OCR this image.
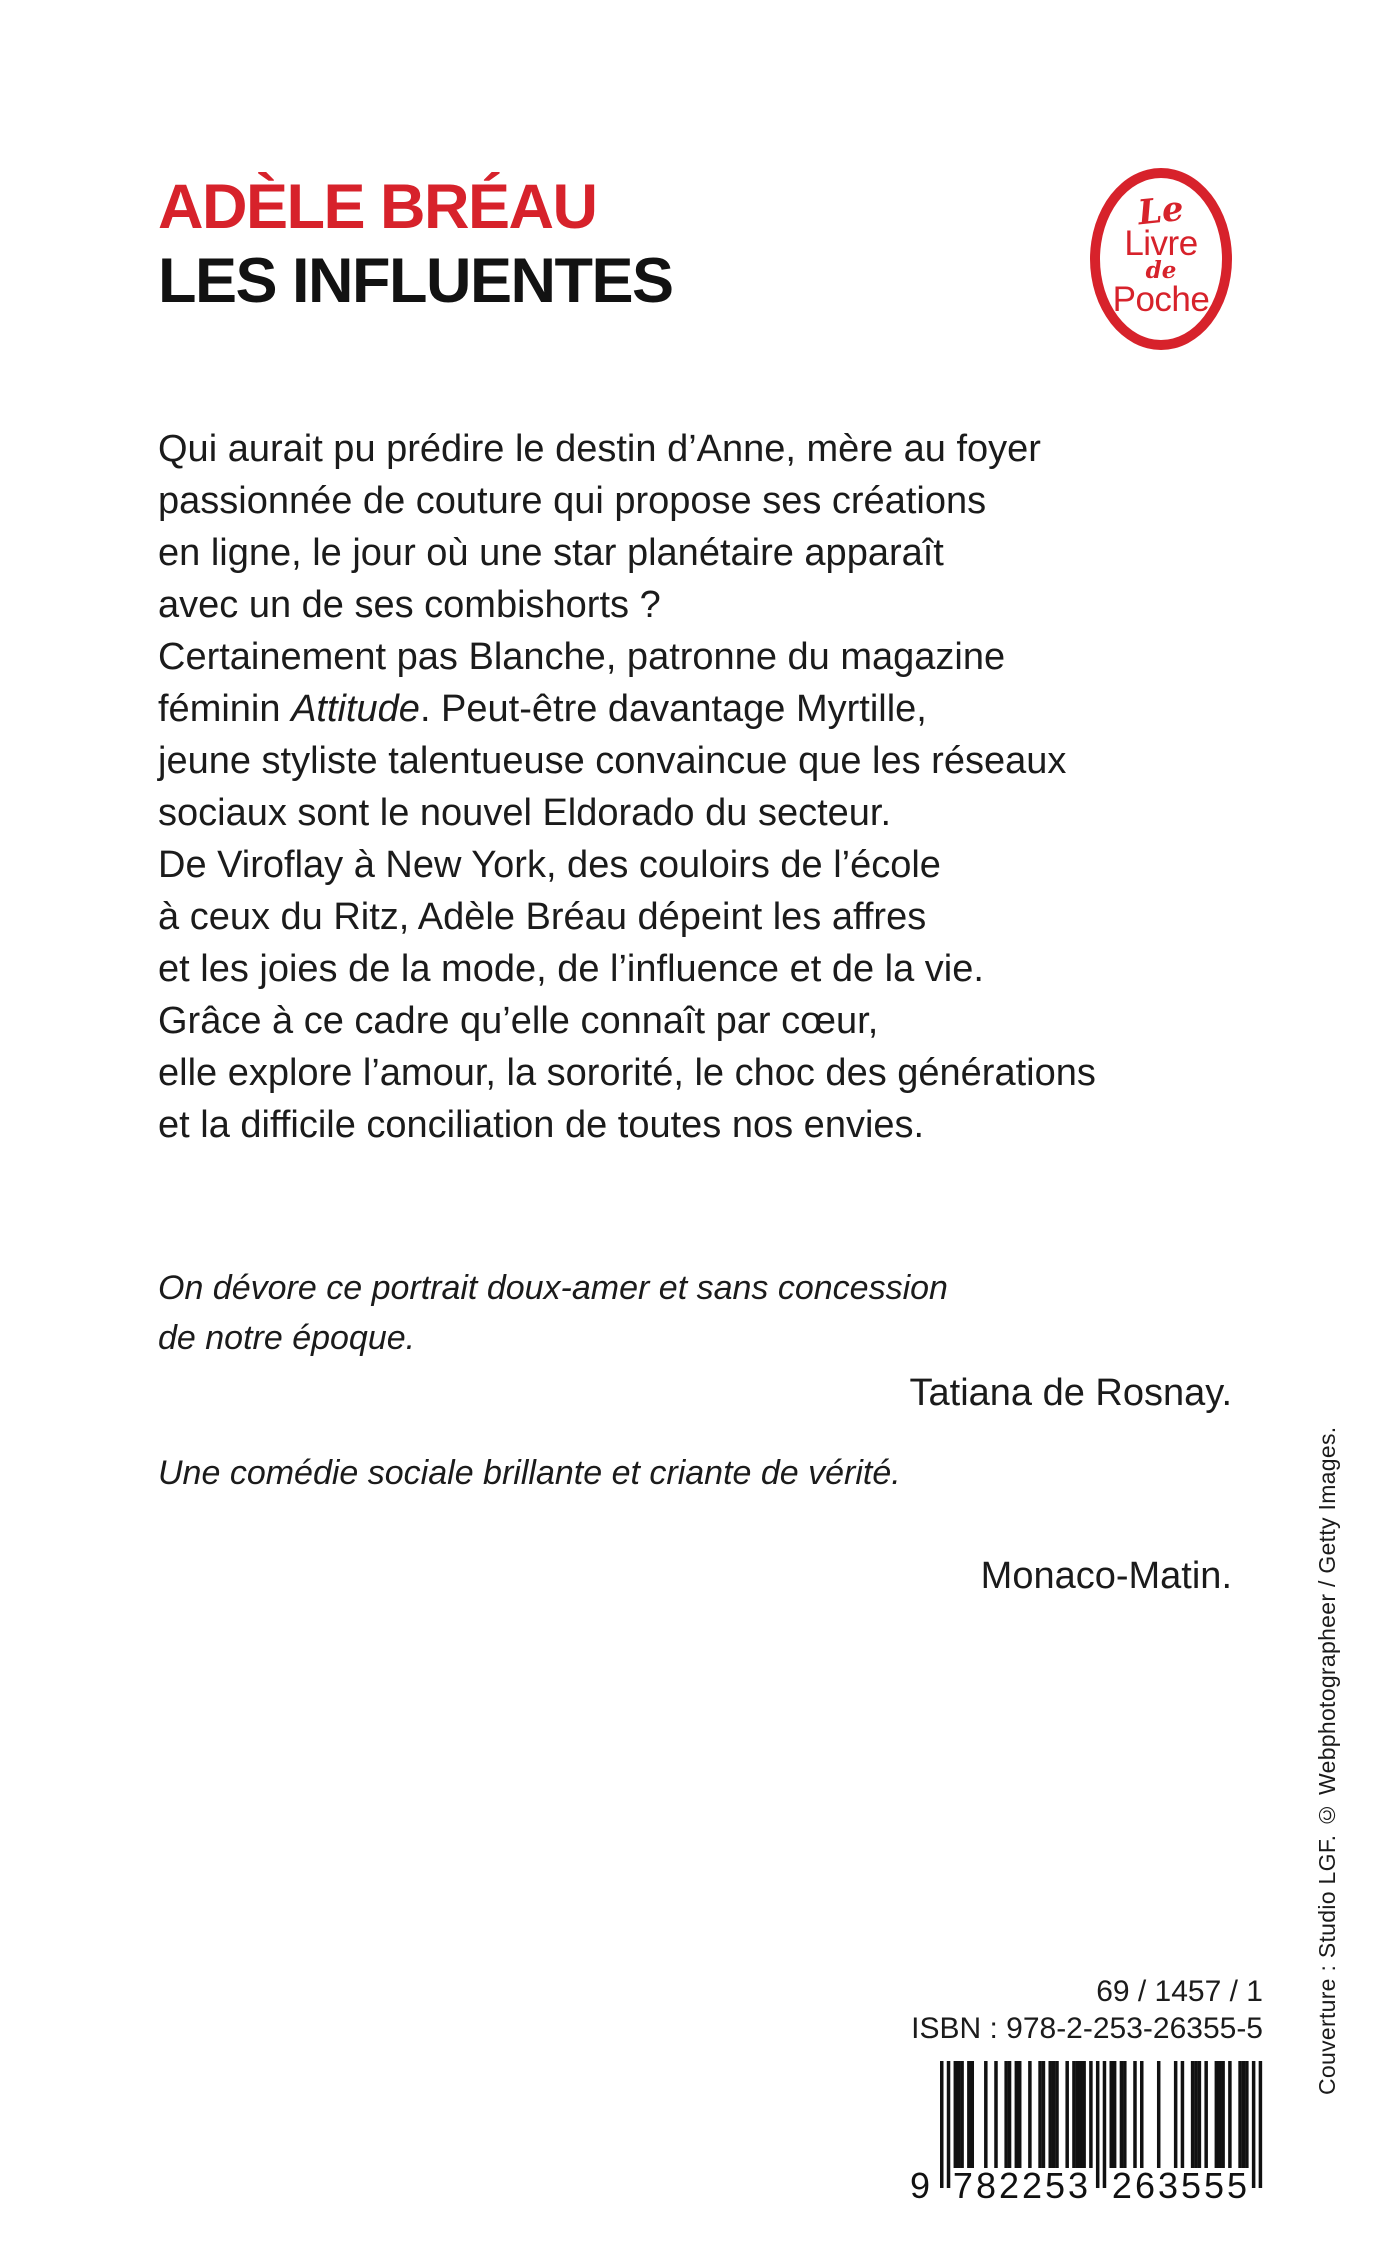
ADÈLE BRÉAU
LES INFLUENTES
Le
Livre
de
Poche
Qui aurait pu prédire le destin d’Anne, mère au foyer
passionnée de couture qui propose ses créations
en ligne, le jour où une star planétaire apparaît
avec un de ses combishorts ?
Certainement pas Blanche, patronne du magazine
féminin Attitude. Peut-être davantage Myrtille,
jeune styliste talentueuse convaincue que les réseaux
sociaux sont le nouvel Eldorado du secteur.
De Viroflay à New York, des couloirs de l’école
à ceux du Ritz, Adèle Bréau dépeint les affres
et les joies de la mode, de l’influence et de la vie.
Grâce à ce cadre qu’elle connaît par cœur,
elle explore l’amour, la sororité, le choc des générations
et la difficile conciliation de toutes nos envies.
On dévore ce portrait doux-amer et sans concession
de notre époque.
Tatiana de Rosnay.
Une comédie sociale brillante et criante de vérité.
Monaco-Matin.	Couverture : Studio LGF. © Webphotographeer / Getty Images.
69 / 1457 / 1
ISBN : 978-2-253-26355-5
9 782253 263555
